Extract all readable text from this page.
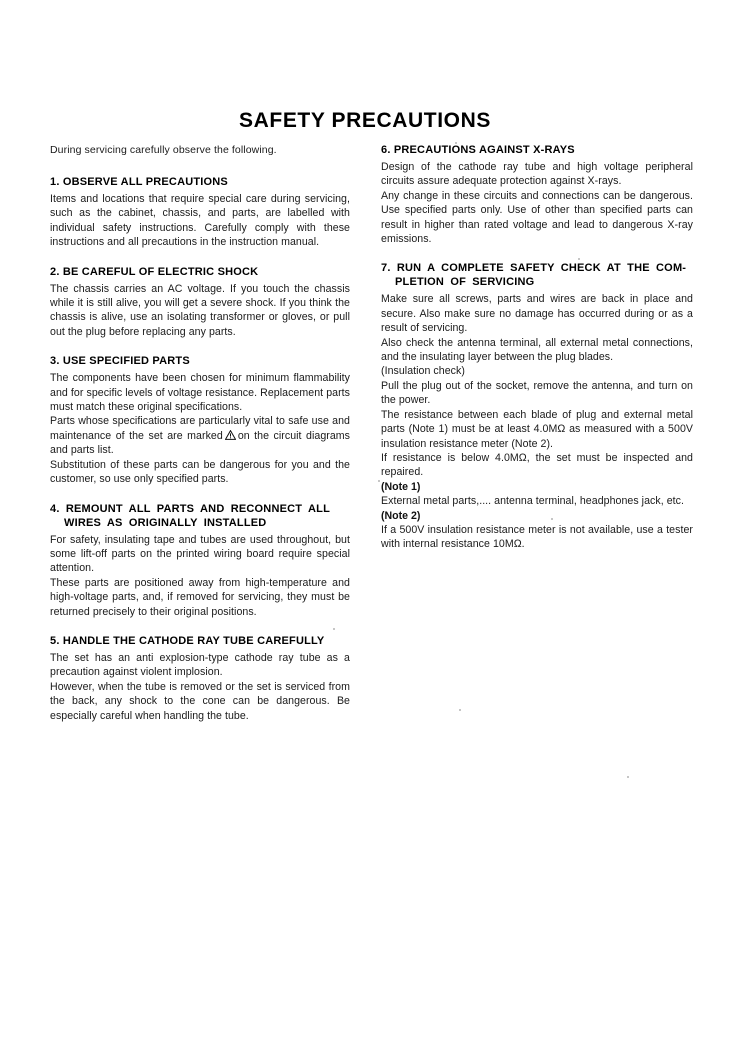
SAFETY PRECAUTIONS

During servicing carefully observe the following.

1. OBSERVE ALL PRECAUTIONS

Items and locations that require special care during servicing, such as the cabinet, chassis, and parts, are labelled with individual safety instructions. Carefully comply with these instructions and all precautions in the instruction manual.

2. BE CAREFUL OF ELECTRIC SHOCK

The chassis carries an AC voltage. If you touch the chassis while it is still alive, you will get a severe shock. If you think the chassis is alive, use an isolating transformer or gloves, or pull out the plug before replacing any parts.

3. USE SPECIFIED PARTS

The components have been chosen for minimum flammability and for specific levels of voltage resistance. Replacement parts must match these original specifications.

Parts whose specifications are particularly vital to safe use and maintenance of the set are marked on the circuit diagrams and parts list.

Substitution of these parts can be dangerous for you and the customer, so use only specified parts.

4. REMOUNT ALL PARTS AND RECONNECT ALL
WIRES AS ORIGINALLY INSTALLED

For safety, insulating tape and tubes are used throughout, but some lift-off parts on the printed wiring board require special attention.

These parts are positioned away from high-temperature and high-voltage parts, and, if removed for servicing, they must be returned precisely to their original positions.

5. HANDLE THE CATHODE RAY TUBE CAREFULLY

The set has an anti explosion-type cathode ray tube as a precaution against violent implosion.

However, when the tube is removed or the set is serviced from the back, any shock to the cone can be dangerous. Be especially careful when handling the tube.

6. PRECAUTIONS AGAINST X-RAYS

Design of the cathode ray tube and high voltage peripheral circuits assure adequate protection against X-rays.

Any change in these circuits and connections can be dangerous. Use specified parts only. Use of other than specified parts can result in higher than rated voltage and lead to dangerous X-ray emissions.

7. RUN A COMPLETE SAFETY CHECK AT THE COM-
PLETION OF SERVICING

Make sure all screws, parts and wires are back in place and secure. Also make sure no damage has occurred during or as a result of servicing.

Also check the antenna terminal, all external metal connections, and the insulating layer between the plug blades.

(Insulation check)

Pull the plug out of the socket, remove the antenna, and turn on the power.

The resistance between each blade of plug and external metal parts (Note 1) must be at least 4.0MΩ as measured with a 500V insulation resistance meter (Note 2).

If resistance is below 4.0MΩ, the set must be inspected and repaired.

(Note 1)

External metal parts,.... antenna terminal, headphones jack, etc.

(Note 2)

If a 500V insulation resistance meter is not available, use a tester with internal resistance 10MΩ.
